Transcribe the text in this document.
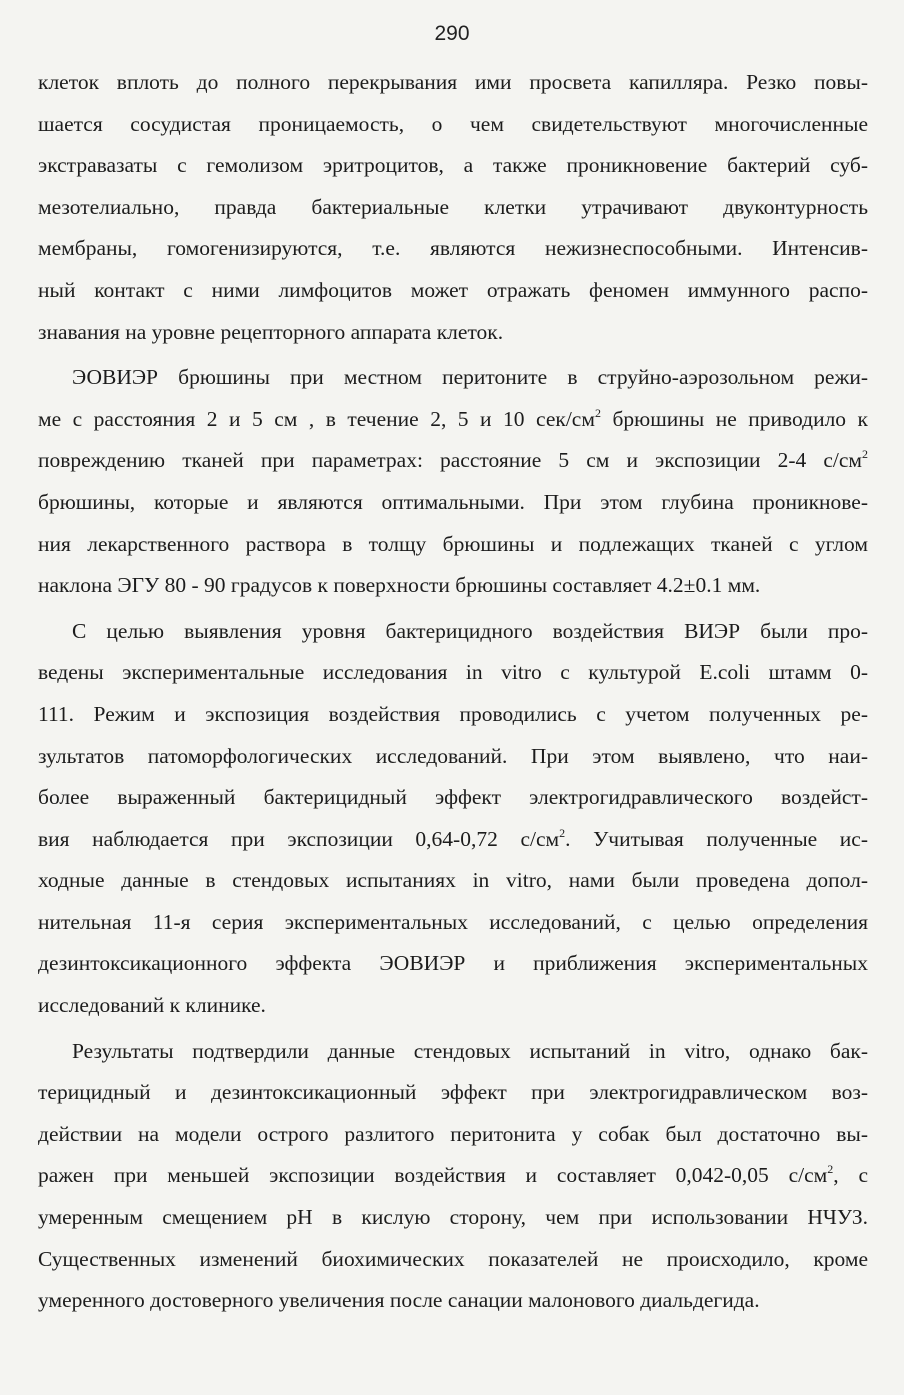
290
клеток вплоть до полного перекрывания ими просвета капилляра. Резко повы-
шается сосудистая проницаемость, о чем свидетельствуют многочисленные
экстравазаты с гемолизом эритроцитов, а также проникновение бактерий суб-
мезотелиально, правда бактериальные клетки утрачивают двуконтурность
мембраны, гомогенизируются, т.е. являются нежизнеспособными. Интенсив-
ный контакт с ними лимфоцитов может отражать феномен иммунного распо-
знавания на уровне рецепторного аппарата клеток.
ЭОВИЭР брюшины при местном перитоните в струйно-аэрозольном режи-
ме с расстояния 2 и 5 см , в течение 2, 5 и 10 сек/$см^2$ брюшины не приводило к
повреждению тканей при параметрах: расстояние 5 см и экспозиции 2-4 $с/см^2$
брюшины, которые и являются оптимальными. При этом глубина проникнове-
ния лекарственного раствора в толщу брюшины и подлежащих тканей с углом
наклона ЭГУ 80 - 90 градусов к поверхности брюшины составляет 4.2±0.1 мм.
С целью выявления уровня бактерицидного воздействия ВИЭР были про-
ведены экспериментальные исследования in vitro с культурой E.coli штамм 0-
111. Режим и экспозиция воздействия проводились с учетом полученных ре-
зультатов патоморфологических исследований. При этом выявлено, что наи-
более выраженный бактерицидный эффект электрогидравлического воздейст-
вия наблюдается при экспозиции 0,64-0,72 $с/см^2$. Учитывая полученные ис-
ходные данные в стендовых испытаниях in vitro, нами были проведена допол-
нительная 11-я серия экспериментальных исследований, с целью определения
дезинтоксикационного эффекта ЭОВИЭР и приближения экспериментальных
исследований к клинике.
Результаты подтвердили данные стендовых испытаний in vitro, однако бак-
терицидный и дезинтоксикационный эффект при электрогидравлическом воз-
действии на модели острого разлитого перитонита у собак был достаточно вы-
ражен при меньшей экспозиции воздействия и составляет 0,042-0,05 $с/см^2$, с
умеренным смещением рН в кислую сторону, чем при использовании НЧУЗ.
Существенных изменений биохимических показателей не происходило, кроме
умеренного достоверного увеличения после санации малонового диальдегида.
